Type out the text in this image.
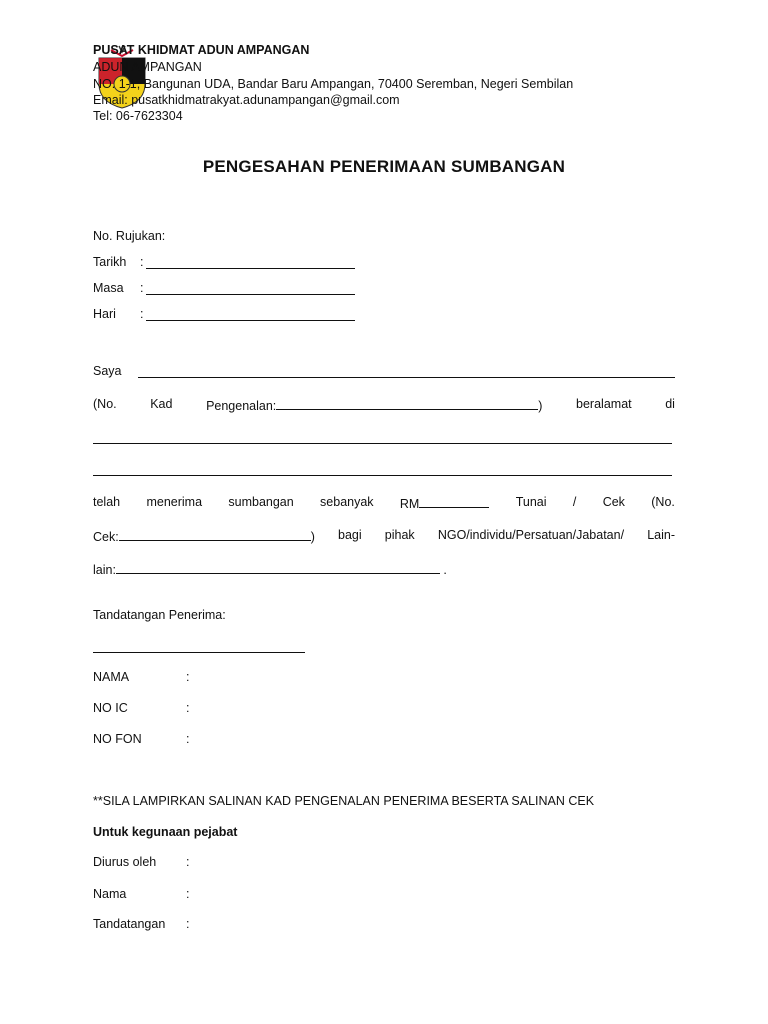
PUSAT KHIDMAT ADUN AMPANGAN
ADUN AMPANGAN
NO. 1-1, Bangunan UDA, Bandar Baru Ampangan, 70400 Seremban, Negeri Sembilan
Email: pusatkhidmatrakyat.adunampangan@gmail.com
Tel: 06-7623304
PENGESAHAN PENERIMAAN SUMBANGAN
No. Rujukan:
Tarikh :
Masa :
Hari :
Saya
(No.	Kad	Pengenalan:	)	beralamat	di
telah menerima sumbangan sebanyak RM	Tunai / Cek (No.
Cek:	) bagi pihak NGO/individu/Persatuan/Jabatan/ Lain-
lain:	.
Tandatangan Penerima:
NAMA	:
NO IC	:
NO FON	:
**SILA LAMPIRKAN SALINAN KAD PENGENALAN PENERIMA BESERTA SALINAN CEK
Untuk kegunaan pejabat
Diurus oleh :
Nama	:
Tandatangan :
